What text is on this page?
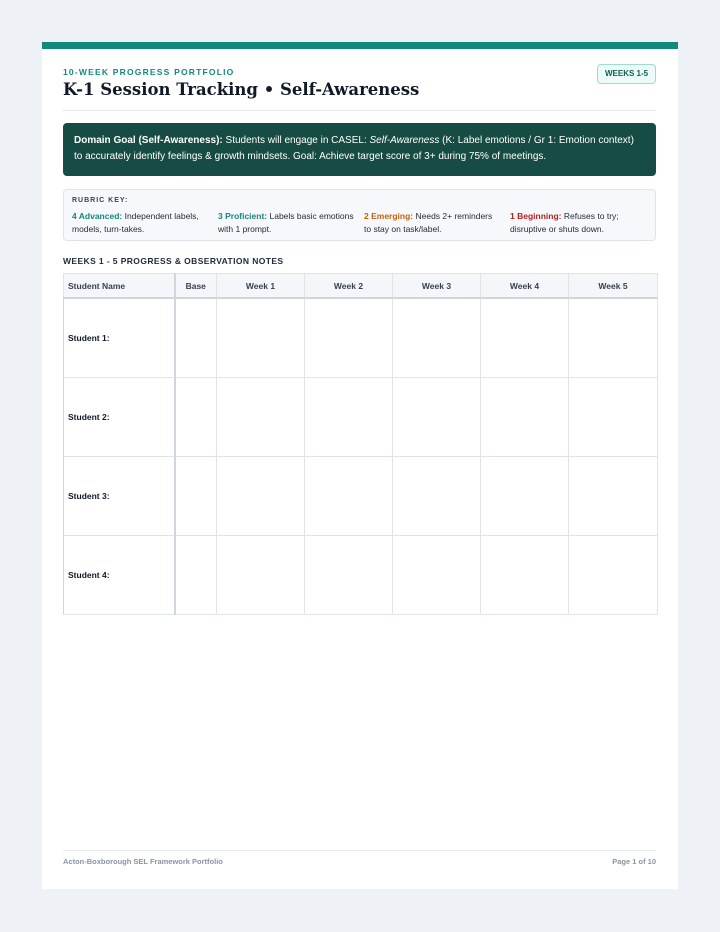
10-WEEK PROGRESS PORTFOLIO
K-1 Session Tracking • Self-Awareness
WEEKS 1-5
Domain Goal (Self-Awareness): Students will engage in CASEL: Self-Awareness (K: Label emotions / Gr 1: Emotion context) to accurately identify feelings & growth mindsets. Goal: Achieve target score of 3+ during 75% of meetings.
RUBRIC KEY:
4 Advanced: Independent labels, models, turn-takes.
3 Proficient: Labels basic emotions with 1 prompt.
2 Emerging: Needs 2+ reminders to stay on task/label.
1 Beginning: Refuses to try; disruptive or shuts down.
WEEKS 1 - 5 PROGRESS & OBSERVATION NOTES
Student Name	Base	Week 1	Week 2	Week 3	Week 4	Week 5
Student 1:						
Student 2:						
Student 3:						
Student 4:						
Acton-Boxborough SEL Framework Portfolio	Page 1 of 10
